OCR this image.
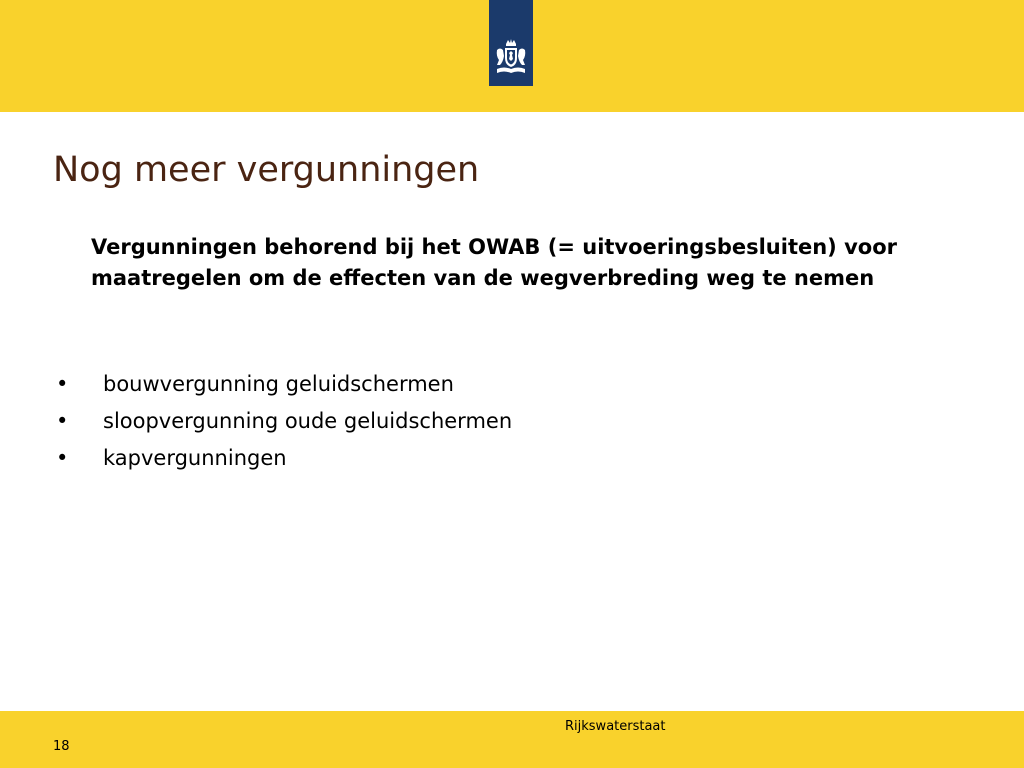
Nog meer vergunningen

Vergunningen behorend bij het OWAB (= uitvoeringsbesluiten) voor maatregelen om de effecten van de wegverbreding weg te nemen

•	bouwvergunning geluidschermen
•	sloopvergunning oude geluidschermen
•	kapvergunningen
Rijkswaterstaat
18
